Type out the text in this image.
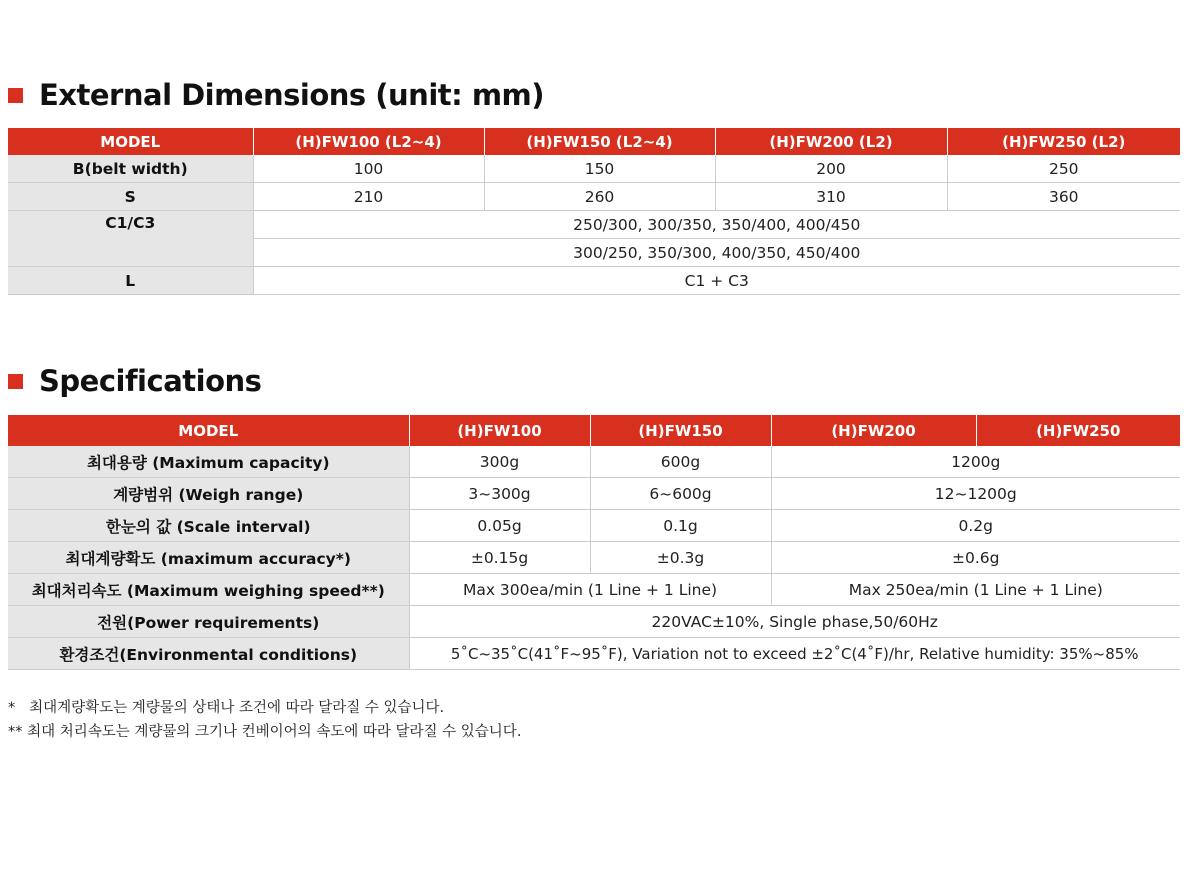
External Dimensions (unit: mm)
MODEL	(H)FW100 (L2~4)	(H)FW150 (L2~4)	(H)FW200 (L2)	(H)FW250 (L2)
B(belt width)	100	150	200	250
S	210	260	310	360
C1/C3	250/300, 300/350, 350/400, 400/450			
	300/250, 350/300, 400/350, 450/400			
L	C1 + C3			
Specifications
MODEL	(H)FW100	(H)FW150	(H)FW200	(H)FW250
최대용량 (Maximum capacity)	300g	600g	1200g	
계량범위 (Weigh range)	3~300g	6~600g	12~1200g	
한눈의 값 (Scale interval)	0.05g	0.1g	0.2g	
최대계량확도 (maximum accuracy*)	±0.15g	±0.3g	±0.6g	
최대처리속도 (Maximum weighing speed**)	Max 300ea/min (1 Line + 1 Line)		Max 250ea/min (1 Line + 1 Line)	
전원(Power requirements)	220VAC±10%, Single phase,50/60Hz			
환경조건(Environmental conditions)	5˚C~35˚C(41˚F~95˚F), Variation not to exceed ±2˚C(4˚F)/hr, Relative humidity: 35%~85%			
*   최대계량확도는 계량물의 상태나 조건에 따라 달라질 수 있습니다.
** 최대 처리속도는 계량물의 크기나 컨베이어의 속도에 따라 달라질 수 있습니다.
